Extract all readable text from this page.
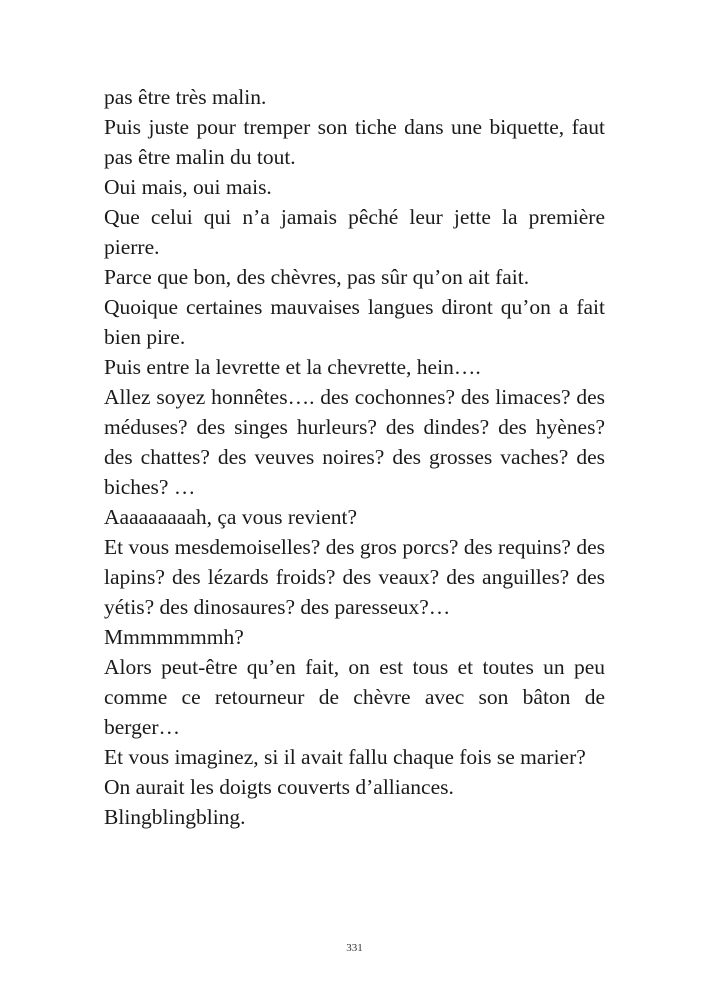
pas être très malin.

Puis juste pour tremper son tiche dans une biquette, faut pas être malin du tout.

Oui mais, oui mais.

Que celui qui n’a jamais pêché leur jette la première pierre.

Parce que bon, des chèvres, pas sûr qu’on ait fait.

Quoique certaines mauvaises langues diront qu’on a fait bien pire.

Puis entre la levrette et la chevrette, hein….

Allez soyez honnêtes…. des cochonnes? des limaces? des méduses? des singes hurleurs? des dindes? des hyènes? des chattes? des veuves noires? des grosses vaches? des biches? …

Aaaaaaaaah, ça vous revient?

Et vous mesdemoiselles? des gros porcs? des requins? des lapins? des lézards froids? des veaux? des anguilles? des yétis? des dinosaures? des paresseux?…

Mmmmmmmh?

Alors peut-être qu’en fait, on est tous et toutes un peu comme ce retourneur de chèvre avec son bâton de berger…

Et vous imaginez, si il avait fallu chaque fois se marier?

On aurait les doigts couverts d’alliances.

Blingblingbling.

331
